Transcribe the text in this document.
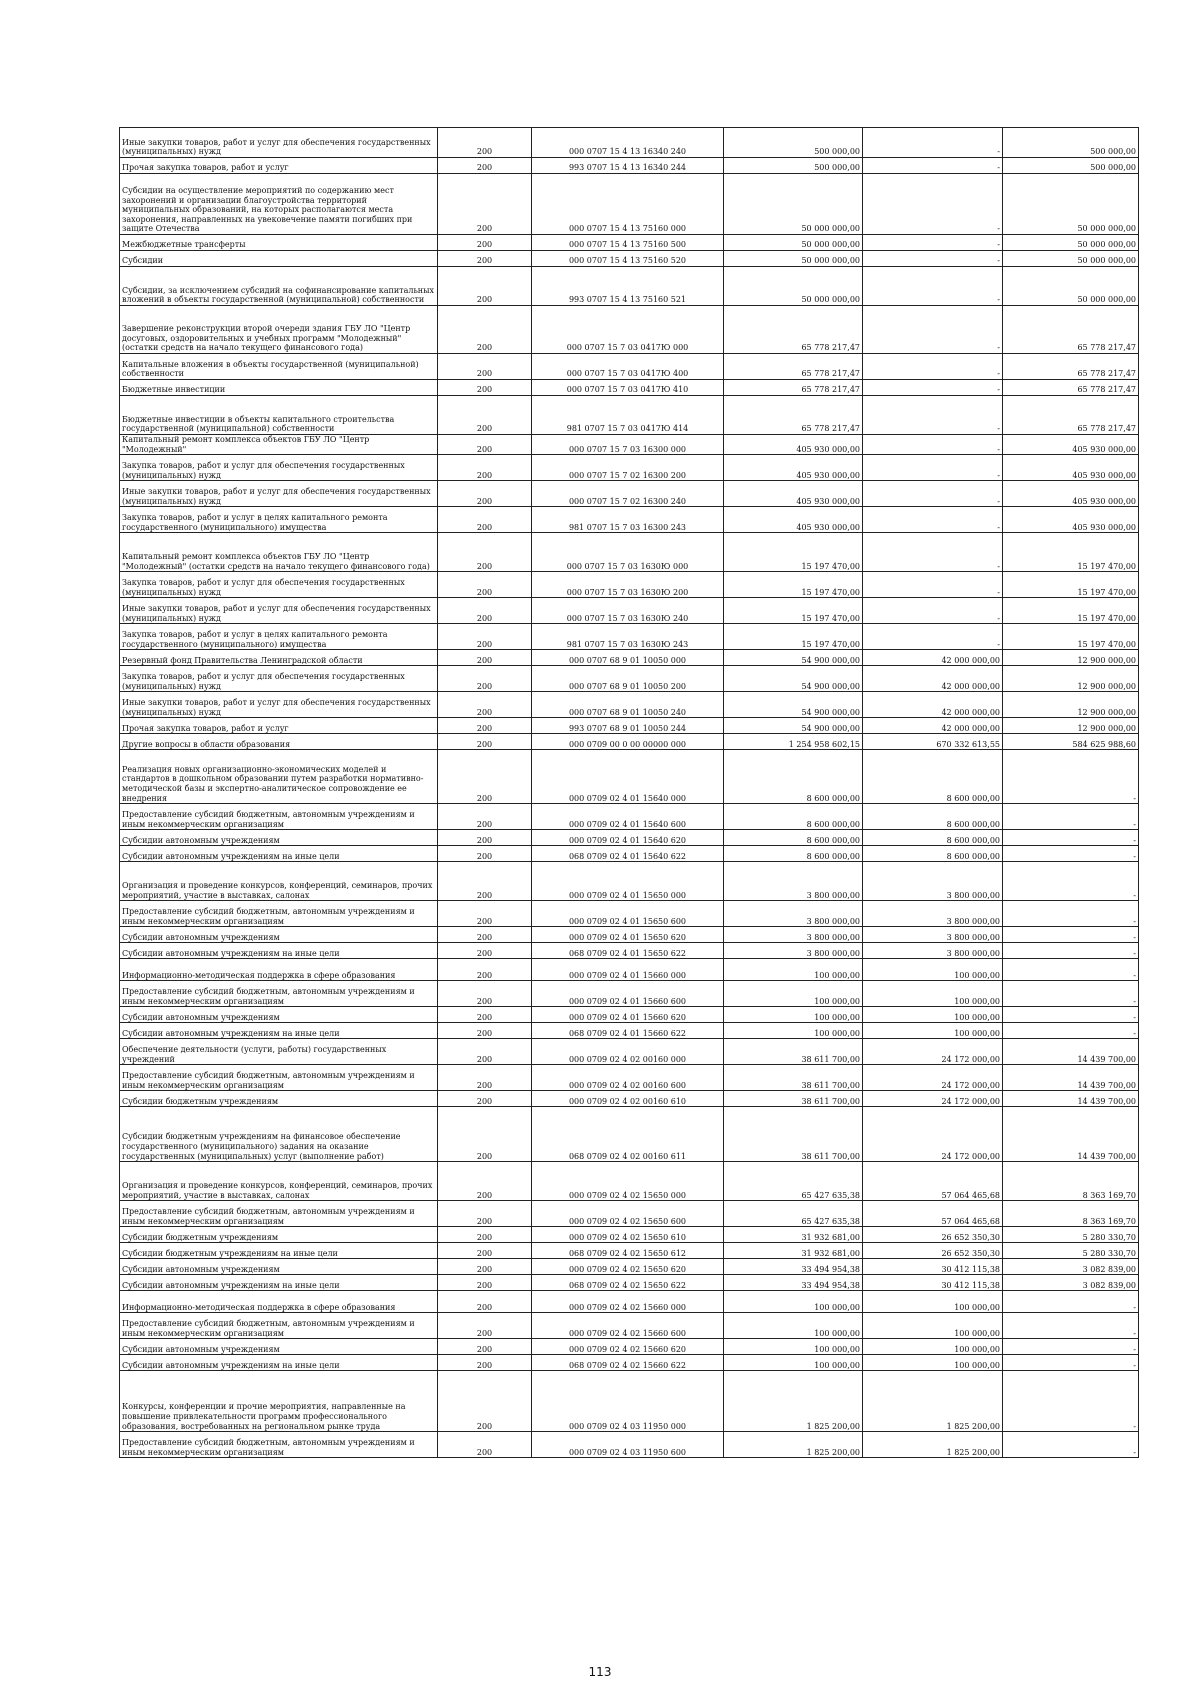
Иные закупки товаров, работ и услуг для обеспечения государственных (муниципальных) нужд	200	000 0707 15 4 13 16340 240	500 000,00	-	500 000,00
Прочая закупка товаров, работ и услуг	200	993 0707 15 4 13 16340 244	500 000,00	-	500 000,00
Субсидии на осуществление мероприятий по содержанию мест захоронений и организации благоустройства территорий муниципальных образований, на которых располагаются места захоронения, направленных на увековечение памяти погибших при защите Отечества	200	000 0707 15 4 13 75160 000	50 000 000,00	-	50 000 000,00
Межбюджетные трансферты	200	000 0707 15 4 13 75160 500	50 000 000,00	-	50 000 000,00
Субсидии	200	000 0707 15 4 13 75160 520	50 000 000,00	-	50 000 000,00
Субсидии, за исключением субсидий на софинансирование капитальных вложений в объекты государственной (муниципальной) собственности	200	993 0707 15 4 13 75160 521	50 000 000,00	-	50 000 000,00
Завершение реконструкции второй очереди здания ГБУ ЛО "Центр досуговых, оздоровительных и учебных программ "Молодежный" (остатки средств на начало текущего финансового года)	200	000 0707 15 7 03 0417Ю 000	65 778 217,47	-	65 778 217,47
Капитальные вложения в объекты государственной (муниципальной) собственности	200	000 0707 15 7 03 0417Ю 400	65 778 217,47	-	65 778 217,47
Бюджетные инвестиции	200	000 0707 15 7 03 0417Ю 410	65 778 217,47	-	65 778 217,47
Бюджетные инвестиции в объекты капитального строительства государственной (муниципальной) собственности	200	981 0707 15 7 03 0417Ю 414	65 778 217,47	-	65 778 217,47
Капитальный ремонт комплекса объектов ГБУ ЛО "Центр "Молодежный"	200	000 0707 15 7 03 16300 000	405 930 000,00	-	405 930 000,00
Закупка товаров, работ и услуг для обеспечения государственных (муниципальных) нужд	200	000 0707 15 7 02 16300 200	405 930 000,00	-	405 930 000,00
Иные закупки товаров, работ и услуг для обеспечения государственных (муниципальных) нужд	200	000 0707 15 7 02 16300 240	405 930 000,00	-	405 930 000,00
Закупка товаров, работ и услуг в целях капитального ремонта государственного (муниципального) имущества	200	981 0707 15 7 03 16300 243	405 930 000,00	-	405 930 000,00
Капитальный ремонт комплекса объектов ГБУ ЛО "Центр "Молодежный" (остатки средств на начало текущего финансового года)	200	000 0707 15 7 03 1630Ю 000	15 197 470,00	-	15 197 470,00
Закупка товаров, работ и услуг для обеспечения государственных (муниципальных) нужд	200	000 0707 15 7 03 1630Ю 200	15 197 470,00	-	15 197 470,00
Иные закупки товаров, работ и услуг для обеспечения государственных (муниципальных) нужд	200	000 0707 15 7 03 1630Ю 240	15 197 470,00	-	15 197 470,00
Закупка товаров, работ и услуг в целях капитального ремонта государственного (муниципального) имущества	200	981 0707 15 7 03 1630Ю 243	15 197 470,00	-	15 197 470,00
Резервный фонд Правительства Ленинградской области	200	000 0707 68 9 01 10050 000	54 900 000,00	42 000 000,00	12 900 000,00
Закупка товаров, работ и услуг для обеспечения государственных (муниципальных) нужд	200	000 0707 68 9 01 10050 200	54 900 000,00	42 000 000,00	12 900 000,00
Иные закупки товаров, работ и услуг для обеспечения государственных (муниципальных) нужд	200	000 0707 68 9 01 10050 240	54 900 000,00	42 000 000,00	12 900 000,00
Прочая закупка товаров, работ и услуг	200	993 0707 68 9 01 10050 244	54 900 000,00	42 000 000,00	12 900 000,00
Другие вопросы в области образования	200	000 0709 00 0 00 00000 000	1 254 958 602,15	670 332 613,55	584 625 988,60
Реализация новых организационно-экономических моделей и стандартов в дошкольном образовании путем разработки нормативно-методической базы и экспертно-аналитическое сопровождение ее внедрения	200	000 0709 02 4 01 15640 000	8 600 000,00	8 600 000,00	-
Предоставление субсидий бюджетным, автономным учреждениям и иным некоммерческим организациям	200	000 0709 02 4 01 15640 600	8 600 000,00	8 600 000,00	-
Субсидии автономным учреждениям	200	000 0709 02 4 01 15640 620	8 600 000,00	8 600 000,00	-
Субсидии автономным учреждениям на иные цели	200	068 0709 02 4 01 15640 622	8 600 000,00	8 600 000,00	-
Организация и проведение конкурсов, конференций, семинаров, прочих мероприятий, участие в выставках, салонах	200	000 0709 02 4 01 15650 000	3 800 000,00	3 800 000,00	-
Предоставление субсидий бюджетным, автономным учреждениям и иным некоммерческим организациям	200	000 0709 02 4 01 15650 600	3 800 000,00	3 800 000,00	-
Субсидии автономным учреждениям	200	000 0709 02 4 01 15650 620	3 800 000,00	3 800 000,00	-
Субсидии автономным учреждениям на иные цели	200	068 0709 02 4 01 15650 622	3 800 000,00	3 800 000,00	-
Информационно-методическая поддержка в сфере образования	200	000 0709 02 4 01 15660 000	100 000,00	100 000,00	-
Предоставление субсидий бюджетным, автономным учреждениям и иным некоммерческим организациям	200	000 0709 02 4 01 15660 600	100 000,00	100 000,00	-
Субсидии автономным учреждениям	200	000 0709 02 4 01 15660 620	100 000,00	100 000,00	-
Субсидии автономным учреждениям на иные цели	200	068 0709 02 4 01 15660 622	100 000,00	100 000,00	-
Обеспечение деятельности (услуги, работы) государственных учреждений	200	000 0709 02 4 02 00160 000	38 611 700,00	24 172 000,00	14 439 700,00
Предоставление субсидий бюджетным, автономным учреждениям и иным некоммерческим организациям	200	000 0709 02 4 02 00160 600	38 611 700,00	24 172 000,00	14 439 700,00
Субсидии бюджетным учреждениям	200	000 0709 02 4 02 00160 610	38 611 700,00	24 172 000,00	14 439 700,00
Субсидии бюджетным учреждениям на финансовое обеспечение государственного (муниципального) задания на оказание государственных (муниципальных) услуг (выполнение работ)	200	068 0709 02 4 02 00160 611	38 611 700,00	24 172 000,00	14 439 700,00
Организация и проведение конкурсов, конференций, семинаров, прочих мероприятий, участие в выставках, салонах	200	000 0709 02 4 02 15650 000	65 427 635,38	57 064 465,68	8 363 169,70
Предоставление субсидий бюджетным, автономным учреждениям и иным некоммерческим организациям	200	000 0709 02 4 02 15650 600	65 427 635,38	57 064 465,68	8 363 169,70
Субсидии бюджетным учреждениям	200	000 0709 02 4 02 15650 610	31 932 681,00	26 652 350,30	5 280 330,70
Субсидии бюджетным учреждениям на иные цели	200	068 0709 02 4 02 15650 612	31 932 681,00	26 652 350,30	5 280 330,70
Субсидии автономным учреждениям	200	000 0709 02 4 02 15650 620	33 494 954,38	30 412 115,38	3 082 839,00
Субсидии автономным учреждениям на иные цели	200	068 0709 02 4 02 15650 622	33 494 954,38	30 412 115,38	3 082 839,00
Информационно-методическая поддержка в сфере образования	200	000 0709 02 4 02 15660 000	100 000,00	100 000,00	-
Предоставление субсидий бюджетным, автономным учреждениям и иным некоммерческим организациям	200	000 0709 02 4 02 15660 600	100 000,00	100 000,00	-
Субсидии автономным учреждениям	200	000 0709 02 4 02 15660 620	100 000,00	100 000,00	-
Субсидии автономным учреждениям на иные цели	200	068 0709 02 4 02 15660 622	100 000,00	100 000,00	-
Конкурсы, конференции и прочие мероприятия, направленные на повышение привлекательности программ профессионального образования, востребованных на региональном рынке труда	200	000 0709 02 4 03 11950 000	1 825 200,00	1 825 200,00	-
Предоставление субсидий бюджетным, автономным учреждениям и иным некоммерческим организациям	200	000 0709 02 4 03 11950 600	1 825 200,00	1 825 200,00	-
113
